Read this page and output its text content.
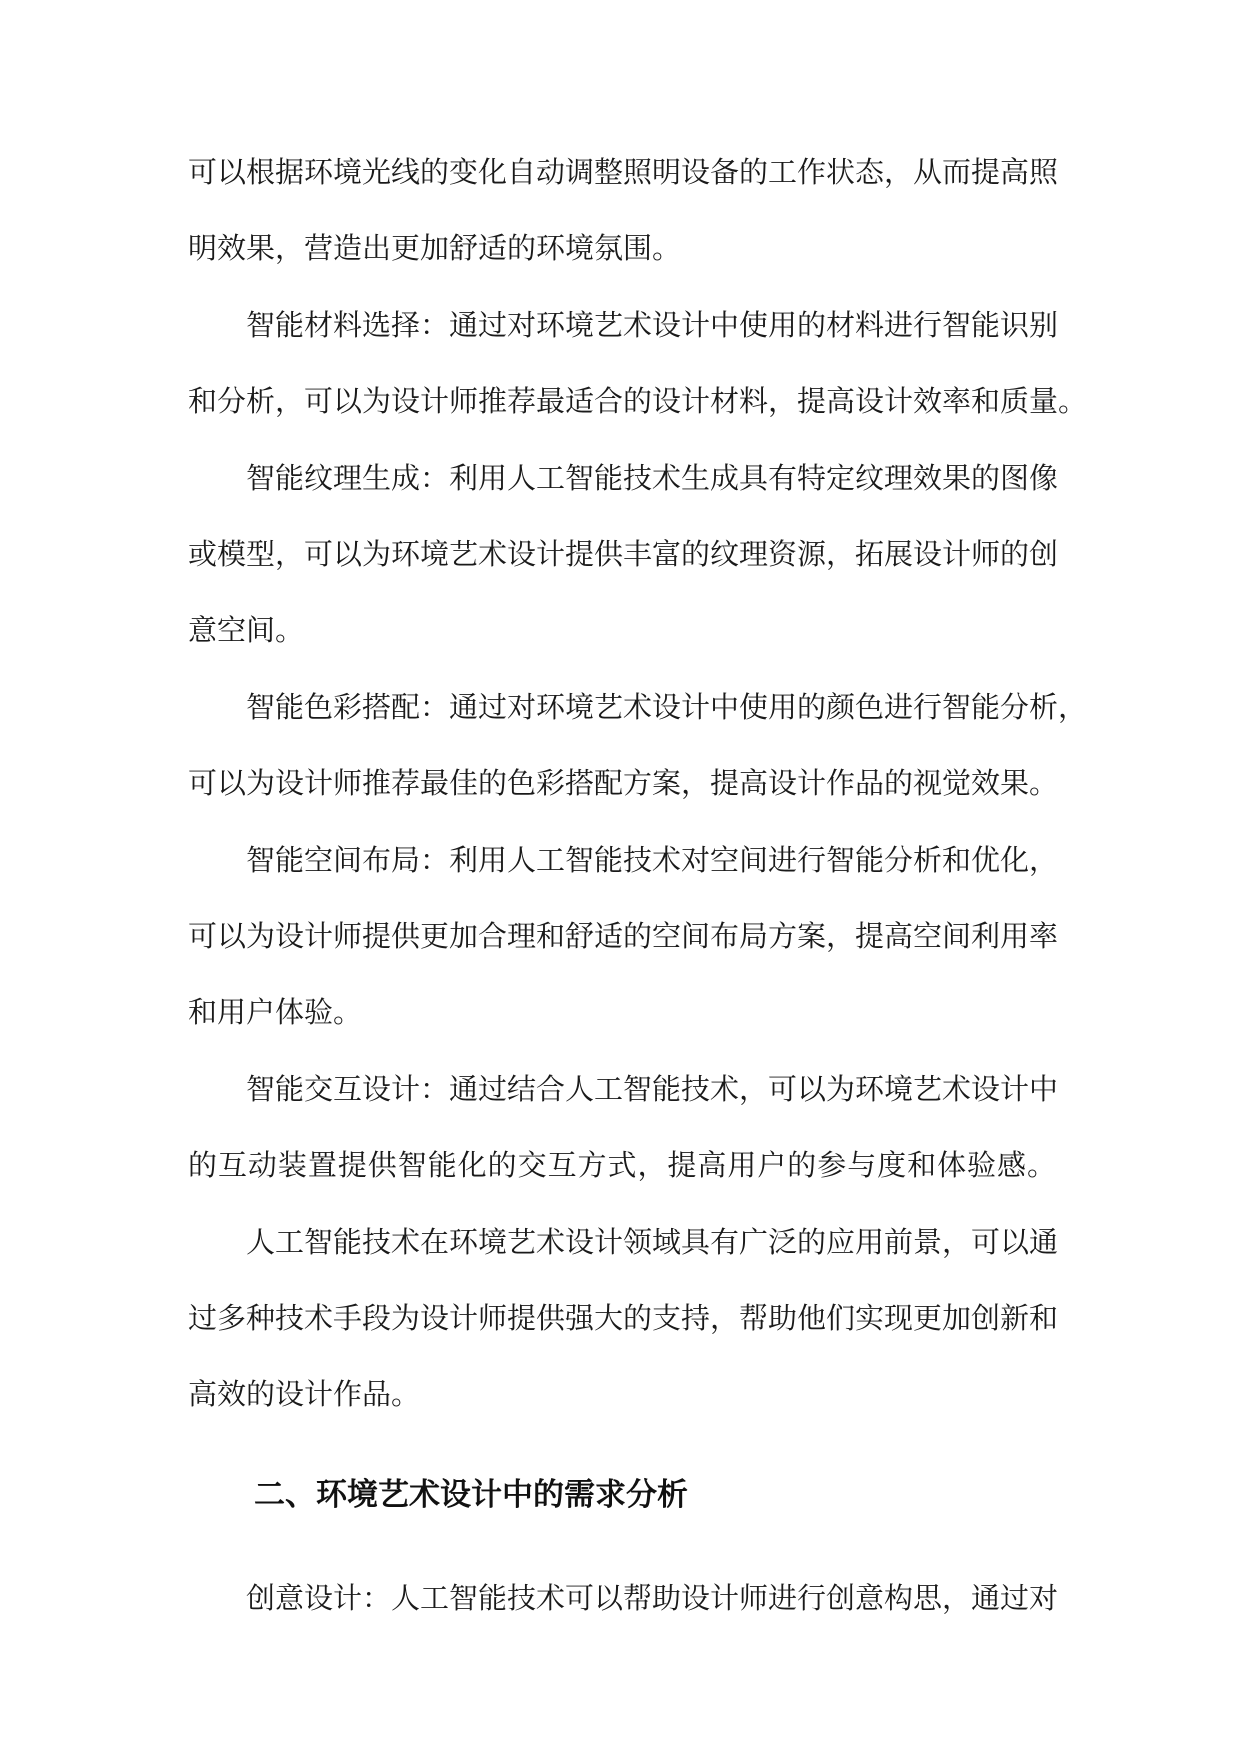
可以根据环境光线的变化自动调整照明设备的工作状态，从而提高照
明效果，营造出更加舒适的环境氛围。
智能材料选择：通过对环境艺术设计中使用的材料进行智能识别
和分析，可以为设计师推荐最适合的设计材料，提高设计效率和质量。
智能纹理生成：利用人工智能技术生成具有特定纹理效果的图像
或模型，可以为环境艺术设计提供丰富的纹理资源，拓展设计师的创
意空间。
智能色彩搭配：通过对环境艺术设计中使用的颜色进行智能分析，
可以为设计师推荐最佳的色彩搭配方案，提高设计作品的视觉效果。
智能空间布局：利用人工智能技术对空间进行智能分析和优化，
可以为设计师提供更加合理和舒适的空间布局方案，提高空间利用率
和用户体验。
智能交互设计：通过结合人工智能技术，可以为环境艺术设计中
的互动装置提供智能化的交互方式，提高用户的参与度和体验感。
人工智能技术在环境艺术设计领域具有广泛的应用前景，可以通
过多种技术手段为设计师提供强大的支持，帮助他们实现更加创新和
高效的设计作品。
二、环境艺术设计中的需求分析
创意设计：人工智能技术可以帮助设计师进行创意构思，通过对
